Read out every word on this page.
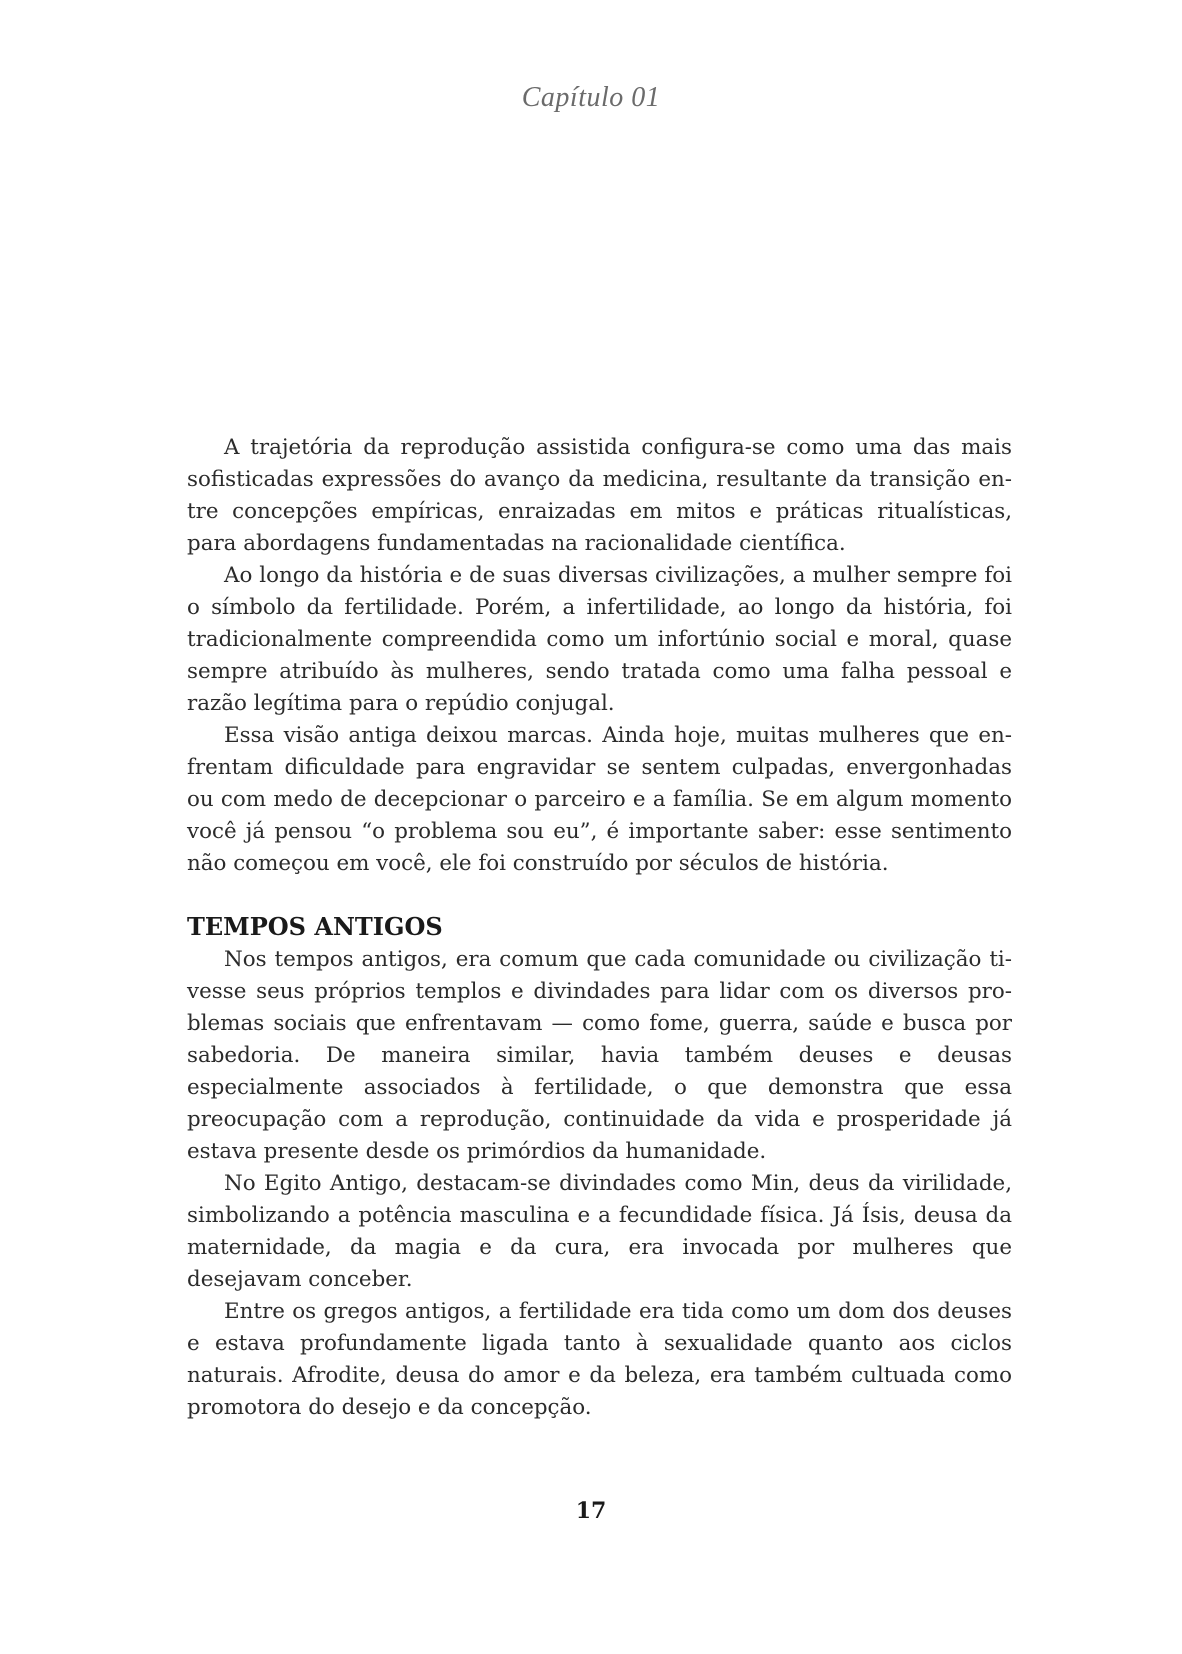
Capítulo 01

A trajetória da reprodução assistida configura-se como uma das mais sofisticadas expressões do avanço da medicina, resultante da transição entre concepções empíricas, enraizadas em mitos e práticas ritualísticas, para abordagens fundamentadas na racionalidade científica.

Ao longo da história e de suas diversas civilizações, a mulher sempre foi o símbolo da fertilidade. Porém, a infertilidade, ao longo da história, foi tradicionalmente compreendida como um infortúnio social e moral, quase sempre atribuído às mulheres, sendo tratada como uma falha pessoal e razão legítima para o repúdio conjugal.

Essa visão antiga deixou marcas. Ainda hoje, muitas mulheres que enfrentam dificuldade para engravidar se sentem culpadas, envergonhadas ou com medo de decepcionar o parceiro e a família. Se em algum momento você já pensou “o problema sou eu”, é importante saber: esse sentimento não começou em você, ele foi construído por séculos de história.

TEMPOS ANTIGOS

Nos tempos antigos, era comum que cada comunidade ou civilização tivesse seus próprios templos e divindades para lidar com os diversos problemas sociais que enfrentavam — como fome, guerra, saúde e busca por sabedoria. De maneira similar, havia também deuses e deusas especialmente associados à fertilidade, o que demonstra que essa preocupação com a reprodução, continuidade da vida e prosperidade já estava presente desde os primórdios da humanidade.

No Egito Antigo, destacam-se divindades como Min, deus da virilidade, simbolizando a potência masculina e a fecundidade física. Já Ísis, deusa da maternidade, da magia e da cura, era invocada por mulheres que desejavam conceber.

Entre os gregos antigos, a fertilidade era tida como um dom dos deuses e estava profundamente ligada tanto à sexualidade quanto aos ciclos naturais. Afrodite, deusa do amor e da beleza, era também cultuada como promotora do desejo e da concepção.

17
